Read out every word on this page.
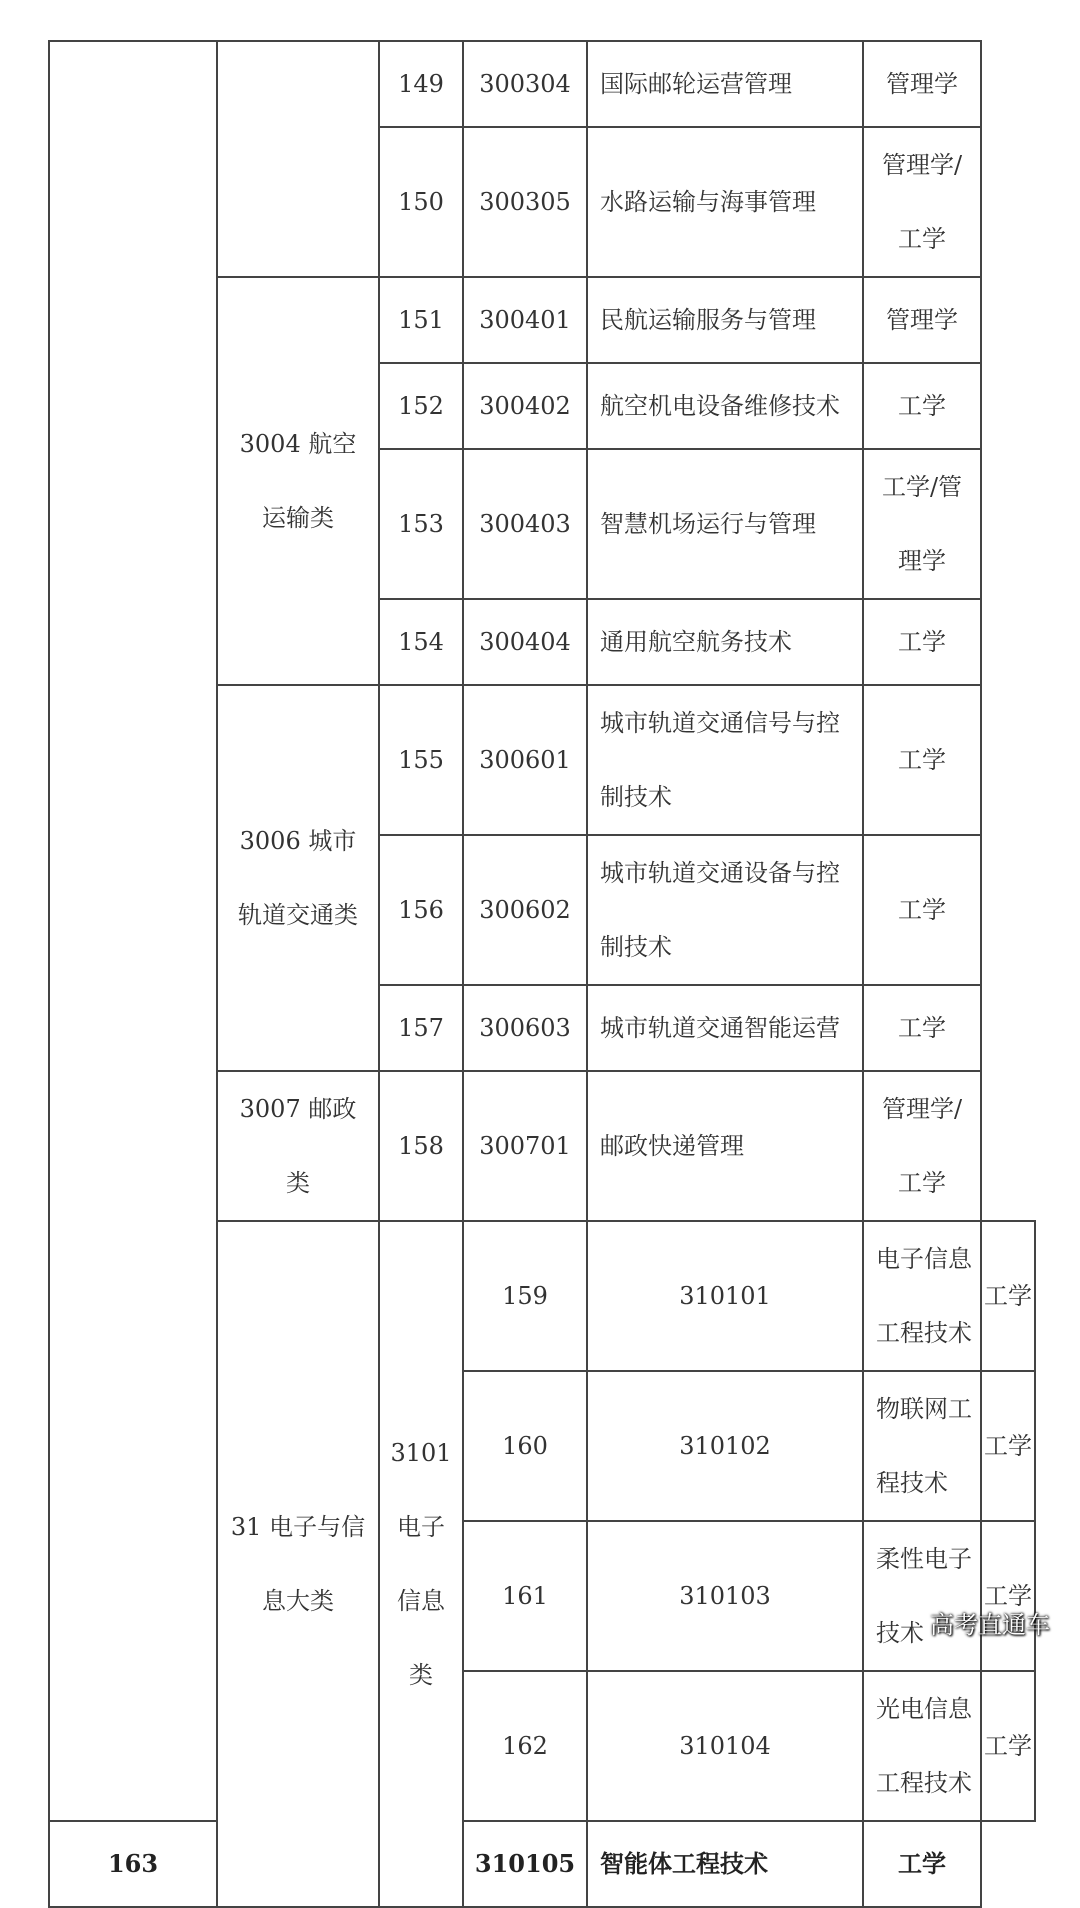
		149	300304	国际邮轮运营管理	管理学	
		150	300305	水路运输与海事管理	管理学/工学	
	3004 航空运输类	151	300401	民航运输服务与管理	管理学	
		152	300402	航空机电设备维修技术	工学	
		153	300403	智慧机场运行与管理	工学/管理学	
		154	300404	通用航空航务技术	工学	
	3006 城市轨道交通类	155	300601	城市轨道交通信号与控制技术	工学	
		156	300602	城市轨道交通设备与控制技术	工学	
		157	300603	城市轨道交通智能运营	工学	
	3007 邮政类	158	300701	邮政快递管理	管理学/工学	
	31 电子与信息大类	3101 电子信息类	159	310101	电子信息工程技术	工学
			160	310102	物联网工程技术	工学
			161	310103	柔性电子技术	工学
			162	310104	光电信息工程技术	工学
163			310105	智能体工程技术	工学	
高考直通车
